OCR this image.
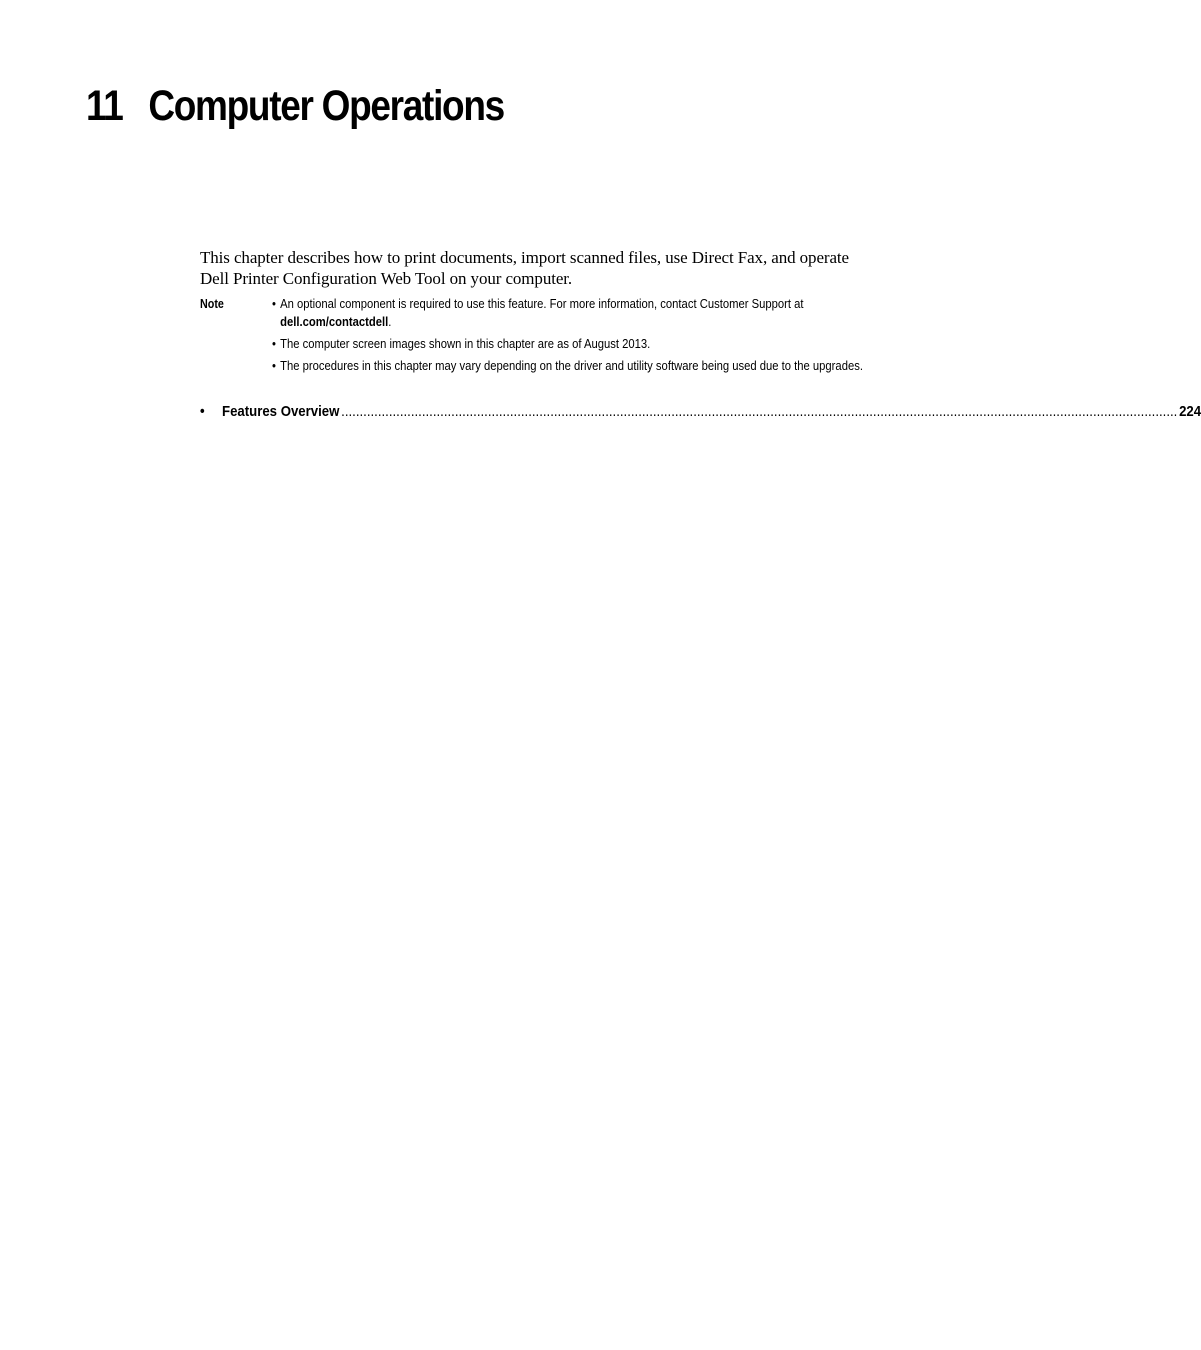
11 Computer Operations

This chapter describes how to print documents, import scanned files, use Direct Fax, and operate Dell Printer Configuration Web Tool on your computer.

Note	• An optional component is required to use this feature. For more information, contact Customer Support at dell.com/contactdell.
• The computer screen images shown in this chapter are as of August 2013.
• The procedures in this chapter may vary depending on the driver and utility software being used due to the upgrades.
•	Features Overview .................................................................................................................................................................................................................................... 224
